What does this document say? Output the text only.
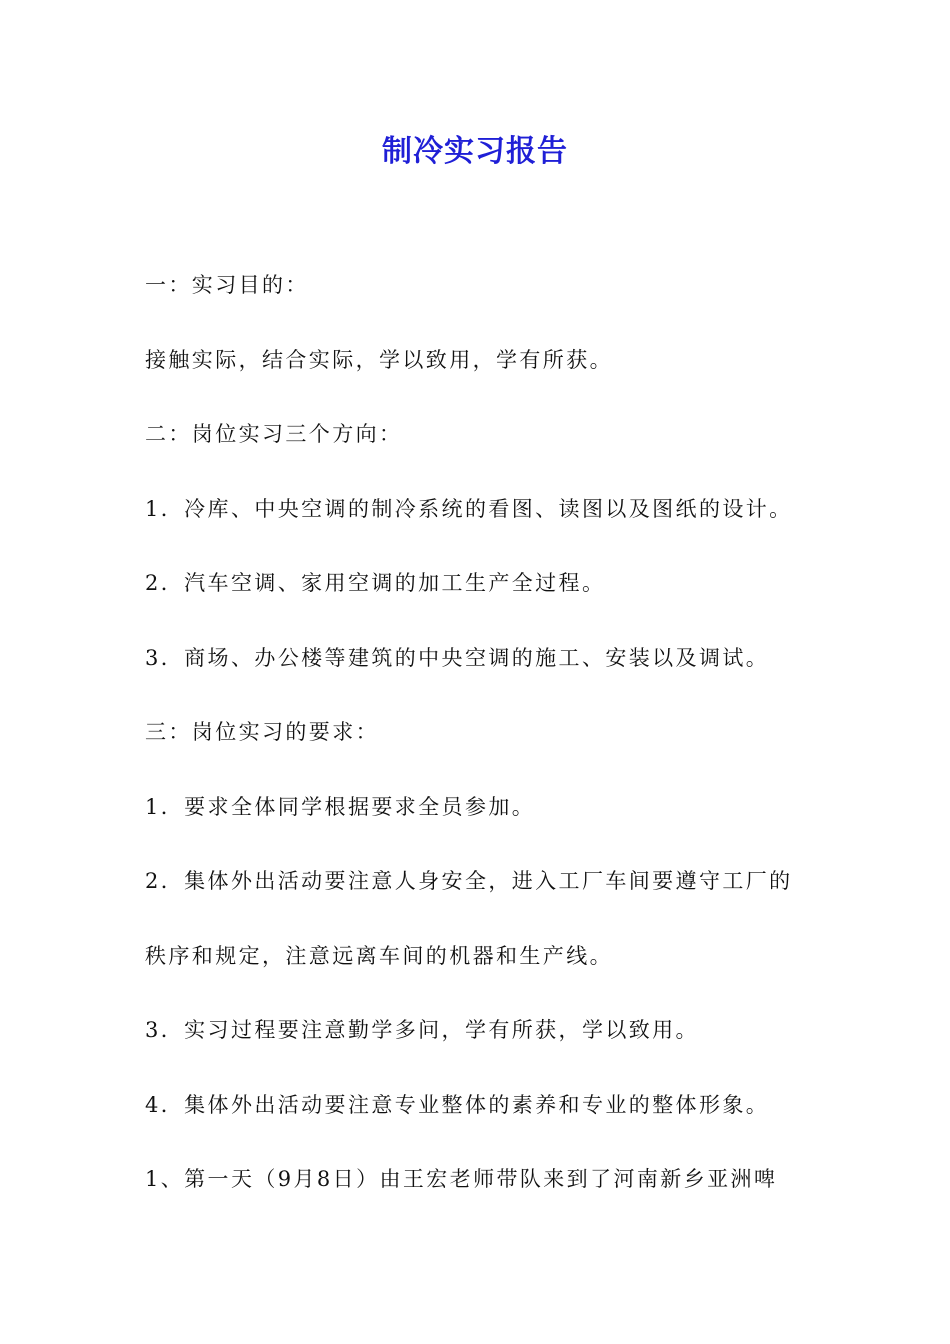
制冷实习报告

一：实习目的：

接触实际，结合实际，学以致用，学有所获。

二：岗位实习三个方向：

1．冷库、中央空调的制冷系统的看图、读图以及图纸的设计。

2．汽车空调、家用空调的加工生产全过程。

3．商场、办公楼等建筑的中央空调的施工、安装以及调试。

三：岗位实习的要求：

1．要求全体同学根据要求全员参加。

2．集体外出活动要注意人身安全，进入工厂车间要遵守工厂的

秩序和规定，注意远离车间的机器和生产线。

3．实习过程要注意勤学多问，学有所获，学以致用。

4．集体外出活动要注意专业整体的素养和专业的整体形象。

1、第一天（9月8日）由王宏老师带队来到了河南新乡亚洲啤
